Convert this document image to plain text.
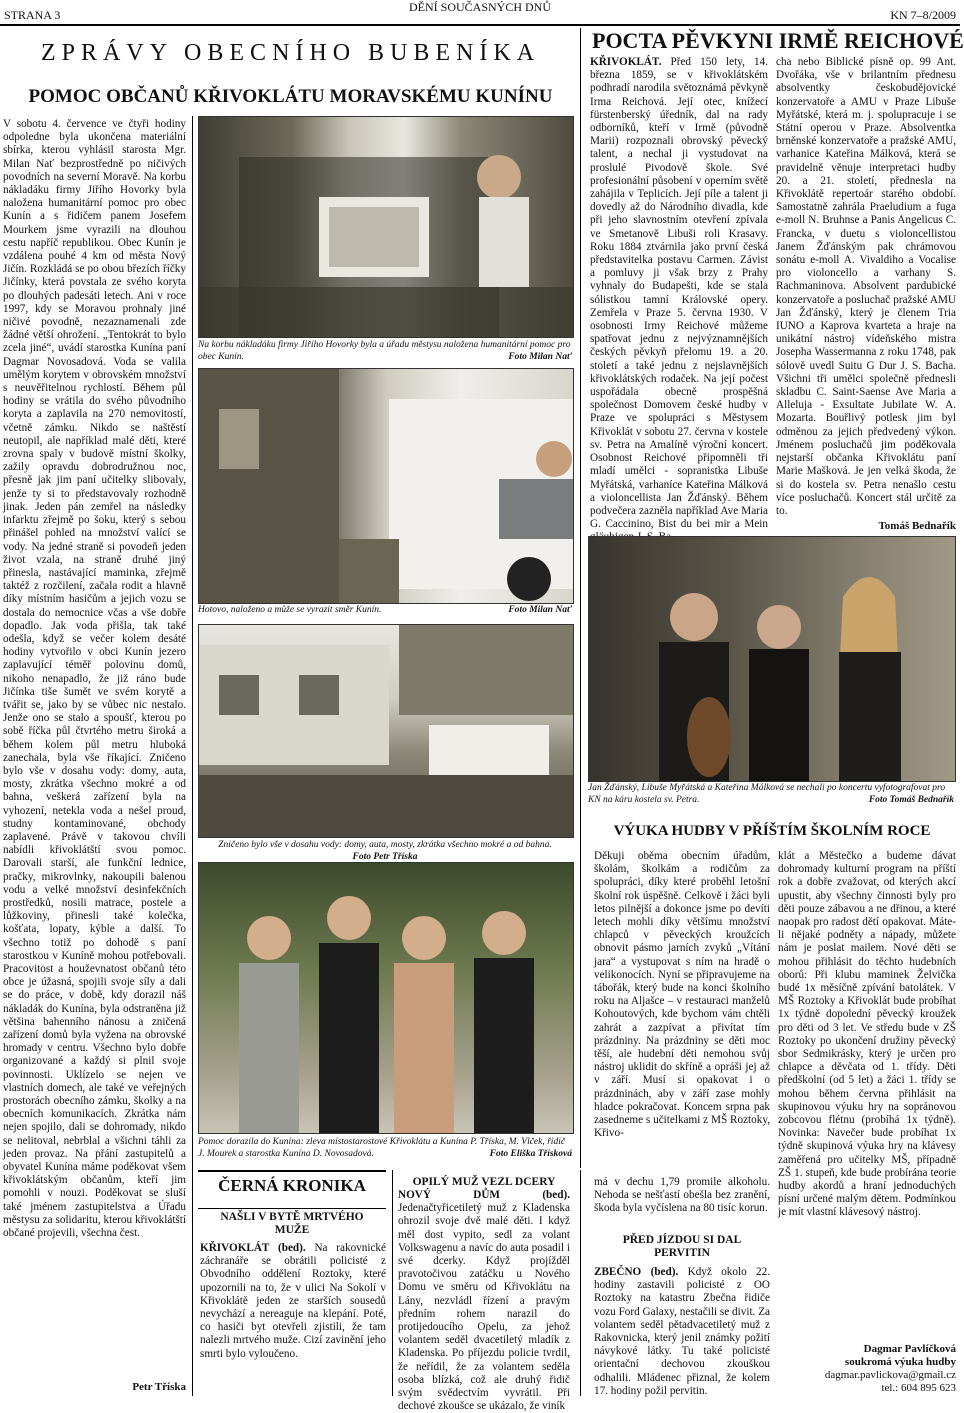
STRANA 3
DĚNÍ SOUČASNÝCH DNŮ
KN 7–8/2009
ZPRÁVY OBECNÍHO BUBENÍKA
POMOC OBČANŮ KŘIVOKLÁTU MORAVSKÉMU KUNÍNU
V sobotu 4. července ve čtyři hodiny odpoledne byla ukončena materiální sbírka, kterou vyhlásil starosta Mgr. Milan Nať bezprostředně po ničivých povodních na severní Moravě. Na korbu nákladáku firmy Jiřího Hovorky byla naložena humanitární pomoc pro obec Kunín a s řidičem panem Josefem Mourkem jsme vyrazili na dlouhou cestu napříč republikou. Obec Kunín je vzdálena pouhé 4 km od města Nový Jičín. Rozkládá se po obou březích říčky Jičínky, která povstala ze svého koryta po dlouhých padesáti letech. Ani v roce 1997, kdy se Moravou prohnaly jiné ničivé povodně, nezaznamenali zde žádné větší ohrožení. „Tentokrát to bylo zcela jiné“, uvádí starostka Kunína paní Dagmar Novosadová. Voda se valila umělým korytem v obrovském množství s neuvěřitelnou rychlostí. Během půl hodiny se vrátila do svého původního koryta a zaplavila na 270 nemovitostí, včetně zámku. Nikdo se naštěstí neutopil, ale například malé děti, které zrovna spaly v budově místní školky, zažily opravdu dobrodružnou noc, přesně jak jim paní učitelky slibovaly, jenže ty si to představovaly rozhodně jinak. Jeden pán zemřel na následky infarktu zřejmě po šoku, který s sebou přinášel pohled na množství valící se vody. Na jedné straně si povodeň jeden život vzala, na straně druhé jiný přinesla, nastávající maminka, zřejmě taktéž z rozčilení, začala rodit a hlavně díky místním hasičům a jejich vozu se dostala do nemocnice včas a vše dobře dopadlo. Jak voda přišla, tak také odešla, když se večer kolem desáté hodiny vytvořilo v obci Kunín jezero zaplavující téměř polovinu domů, nikoho nenapadlo, že již ráno bude Jičínka tiše šumět ve svém korytě a tvářit se, jako by se vůbec nic nestalo. Jenže ono se stalo a spoušť, kterou po sobě říčka půl čtvrtého metru široká a během kolem půl metru hluboká zanechala, byla vše říkající. Zničeno bylo vše v dosahu vody: domy, auta, mosty, zkrátka všechno mokré a od bahna, veškerá zařízení byla na vyhození, netekla voda a nešel proud, studny kontaminované, obchody zaplavené. Právě v takovou chvíli nabídli křivoklátští svou pomoc. Darovali starší, ale funkční lednice, pračky, mikrovlnky, nakoupili balenou vodu a velké množství desinfekčních prostředků, nosili matrace, postele a lůžkoviny, přinesli také kolečka, košťata, lopaty, kýble a další. To všechno totiž po dohodě s paní starostkou v Kuníně mohou potřebovali. Pracovitost a houževnatost občanů této obce je úžasná, spojili svoje síly a dali se do práce, v době, kdy dorazil náš nákladák do Kunína, byla odstraněna již většina bahenního nánosu a zničená zařízení domů byla vyžena na obrovské hromady v centru. Všechno bylo dobře organizované a každý si plnil svoje povinnosti. Uklízelo se nejen ve vlastních domech, ale také ve veřejných prostorách obecního zámku, školky a na obecních komunikacích. Zkrátka nám nejen spojilo, dali se dohromady, nikdo se nelitoval, nebrblal a všichni táhli za jeden provaz. Na přání zastupitelů a obyvatel Kunína máme poděkovat všem křivoklátským občanům, kteří jim pomohli v nouzi. Poděkovat se sluší také jménem zastupitelstva a Úřadu městysu za solidaritu, kterou křivoklátští občané projevili, všechna čest.
Petr Tříska
Na korbu nákladáku firmy Jiřího Hovorky byla a úřadu městysu naložena humanitární pomoc pro obec Kunín.	Foto Milan Nať
Hotovo, naloženo a může se vyrazit směr Kunín.	Foto Milan Nať
Zničeno bylo vše v dosahu vody: domy, auta, mosty, zkrátka všechno mokré a od bahna.
Foto Petr Tříska
Pomoc dorazila do Kunína: zleva místostarostové Křivoklátu a Kunína P. Tříska, M. Vlček, řidič J. Mourek a starostka Kunína D. Novosadová.	Foto Eliška Třísková
ČERNÁ KRONIKA
NAŠLI V BYTĚ MRTVÉHO MUŽE
KŘIVOKLÁT (bed). Na rakovnické záchranáře se obrátili policisté z Obvodního oddělení Roztoky, které upozornili na to, že v ulici Na Sokolí v Křivoklátě jeden ze starších sousedů nevychází a nereaguje na klepání. Poté, co hasiči byt otevřeli zjistili, že tam nalezli mrtvého muže. Cizí zavinění jeho smrti bylo vyloučeno.
OPILÝ MUŽ VEZL DCERY
NOVÝ DŮM (bed). Jedenačtyřicetiletý muž z Kladenska ohrozil svoje dvě malé děti. I když měl dost vypito, sedl za volant Volkswagenu a navíc do auta posadil i své dcerky. Když projížděl pravotočivou zatáčku u Nového Domu ve směru od Křivoklátu na Lány, nezvládl řízení a pravým předním rohem narazil do protijedoucího Opelu, za jehož volantem seděl dvacetiletý mladík z Kladenska. Po příjezdu policie tvrdil, že neřídil, že za volantem seděla osoba blízká, což ale druhý řidič svým svědectvím vyvrátil. Při dechové zkoušce se ukázalo, že viník
má v dechu 1,79 promile alkoholu. Nehoda se nešťastí obešla bez zranění, škoda byla vyčíslena na 80 tisíc korun.
PŘED JÍZDOU SI DAL PERVITIN
ZBEČNO (bed). Když okolo 22. hodiny zastavili policisté z OO Roztoky na katastru Zbečna řidiče vozu Ford Galaxy, nestačili se divit. Za volantem seděl pětadvacetiletý muž z Rakovnicka, který jenil známky požití návykové látky. Tu také policisté orientační dechovou zkouškou odhalili. Mládenec přiznal, že kolem 17. hodiny požil pervitin.
POCTA PĚVKYNI IRMĚ REICHOVÉ
KŘIVOKLÁT. Před 150 lety, 14. března 1859, se v křivoklátském podhradí narodila světoznámá pěvkyně Irma Reichová. Její otec, knížecí fürstenberský úředník, dal na rady odborníků, kteří v Irmě (původně Marii) rozpoznali obrovský pěvecký talent, a nechal ji vystudovat na proslulé Pivodově škole. Své profesionální působení v operním světě zahájila v Teplicích. Její píle a talent ji dovedly až do Národního divadla, kde při jeho slavnostním otevření zpívala ve Smetanově Libuši roli Krasavy. Roku 1884 ztvárnila jako první česká představitelka postavu Carmen. Závist a pomluvy ji však brzy z Prahy vyhnaly do Budapešti, kde se stala sólistkou tamní Královské opery. Zemřela v Praze 5. června 1930. V osobnosti Irmy Reichové můžeme spatřovat jednu z nejvýznamnějších českých pěvkyň přelomu 19. a 20. století a také jednu z nejslavnějších křivoklátských rodaček. Na její počest uspořádala obecně prospěšná společnost Domovem české hudby v Praze ve spolupráci s Městysem Křivoklát v sobotu 27. června v kostele sv. Petra na Amalíně výroční koncert. Osobnost Reichové připomněli tři mladí umělci - sopranistka Libuše Myřátská, varhaníce Kateřina Málková a violoncellista Jan Žďánský. Během podvečera zazněla například Ave Maria G. Caccinino, Bist du bei mir a Mein
cha nebo Biblické písně op. 99 Ant. Dvořáka, vše v brilantním přednesu absolventky českobudějovické konzervatoře a AMU v Praze Libuše Myřátské, která m. j. spolupracuje i se Státní operou v Praze. Absolventka brněnské konzervatoře a pražské AMU, varhanice Kateřina Málková, která se pravidelně věnuje interpretaci hudby 20. a 21. století, přednesla na Křivoklátě repertoár starého období. Samostatně zahrála Praeludium a fuga e-moll N. Bruhnse a Panis Angelicus C. Francka, v duetu s violoncellistou Janem Žďánským pak chrámovou sonátu e-moll A. Vivaldiho a Vocalise pro violoncello a varhany S. Rachmaninova. Absolvent pardubické konzervatoře a posluchač pražské AMU Jan Žďánský, který je členem Tria IUNO a Kaprova kvarteta a hraje na unikátní nástroj vídeňského mistra Josepha Wassermanna z roku 1748, pak sólově uvedl Suitu G Dur J. S. Bacha. Všichni tři umělci společně přednesli skladbu C. Saint-Saense Ave Maria a Alleluja - Exsultate Jubilate W. A. Mozarta. Bouřlivý potlesk jim byl odměnou za jejich předvedený výkon. Jménem posluchačů jim poděkovala nejstarší občanka Křivoklátu paní Marie Mašková. Je jen velká škoda, že si do kostela sv. Petra nenašlo cestu více posluchačů. Koncert stál určitě za to.
Tomáš Bednařík
Jan Žďánský, Libuše Myřátská a Kateřina Málková se nechali po koncertu vyfotografovat pro KN na káru kostela sv. Petra.	Foto Tomáš Bednařík
VÝUKA HUDBY V PŘÍŠTÍM ŠKOLNÍM ROCE
Děkuji oběma obecním úřadům, školám, školkám a rodičům za spolupráci, díky které proběhl letošní školní rok úspěšně. Celkově i žáci byli letos pilnější a dokonce jsme po devíti letech mohli díky většímu množství chlapců v pěveckých kroužcích obnovit pásmo jarních zvyků „Vítání jara“ a vystupovat s ním na hradě o velikonocích. Nyní se připravujeme na tábořák, který bude na konci školního roku na Aljašce – v restauraci manželů Kohoutových, kde bychom vám chtěli zahrát a zazpívat a přivítat tím prázdniny. Na prázdniny se děti moc těší, ale hudební děti nemohou svůj nástroj uklidit do skříně a opráši jej až v září. Musí si opakovat i o prázdninách, aby v září zase mohly hladce pokračovat. Koncem srpna pak zasedneme s učitelkami z MŠ Roztoky, Křivo-
klát a Městečko a budeme dávat dohromady kulturní program na příští rok a dobře zvažovat, od kterých akcí upustit, aby všechny činnosti byly pro děti pouze zábavou a ne dřinou, a které naopak pro radost dětí opakovat. Máte-li nějaké podněty a nápady, můžete nám je poslat mailem. Nové děti se mohou přihlásit do těchto hudebních oborů: Při klubu maminek Želvička budé 1x měsíčně zpívání batolátek. V MŠ Roztoky a Křivoklát bude probíhat 1x týdně dopolední pěvecký kroužek pro děti od 3 let. Ve středu bude v ZŠ Roztoky po ukončení družiny pěvecký sbor Sedmikrásky, který je určen pro chlapce a děvčata od 1. třídy. Děti předškolní (od 5 let) a žáci 1. třídy se mohou během června přihlásit na skupinovou výuku hry na sopránovou zobcovou flétnu (probíhá 1x týdně). Novinka: Navečer bude probíhat 1x týdně skupinová výuka hry na klávesy zaměřená pro učitelky MŠ, případně ZŠ 1. stupeň, kde bude probírána teorie hudby akordů a hraní jednoduchých písní určené malým dětem. Podmínkou je mít vlastní klávesový nástroj.
Dagmar Pavlíčková
soukromá výuka hudby
dagmar.pavlickova@gmail.cz
tel.: 604 895 623
